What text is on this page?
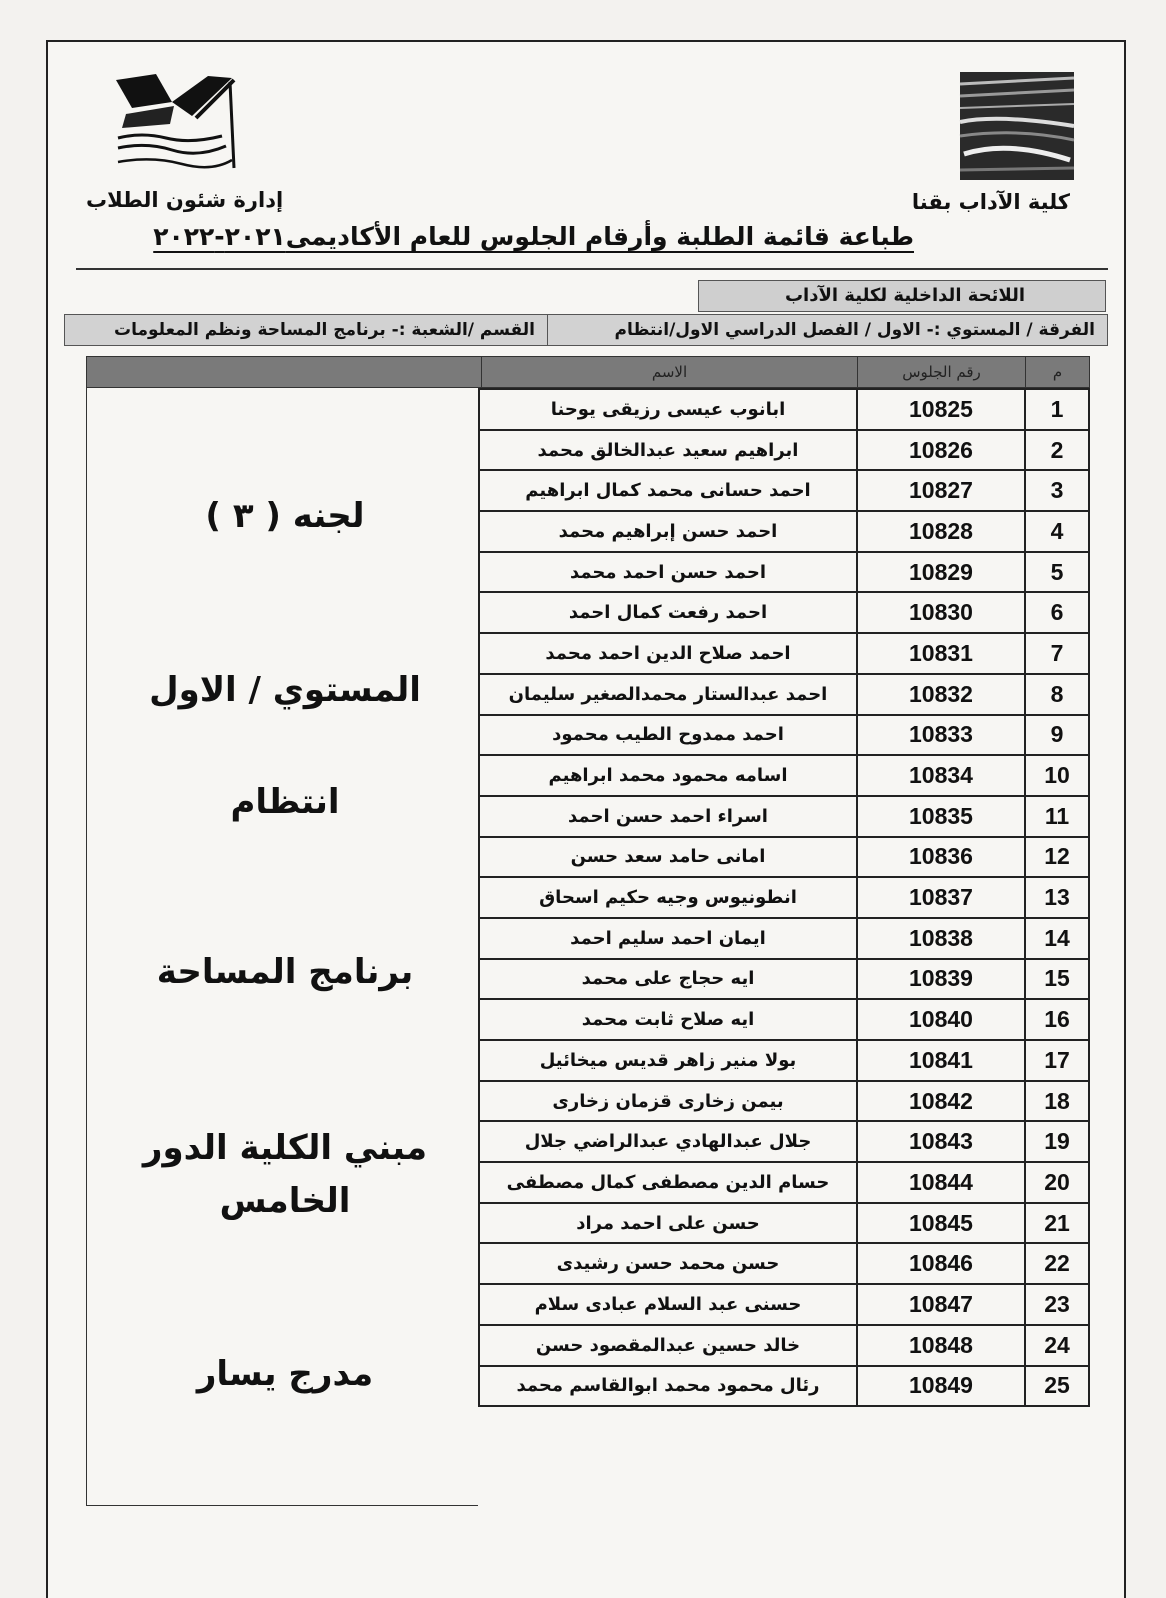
كلية الآداب بقنا
إدارة شئون الطلاب
طباعة قائمة الطلبة وأرقام الجلوس للعام الأكاديمى٢٠٢١-٢٠٢٢
اللائحة الداخلية لكلية الآداب
الفرقة / المستوي :- الاول / الفصل الدراسي الاول/انتظام
القسم /الشعبة :- برنامج المساحة ونظم المعلومات
م
رقم الجلوس
الاسم
1	10825	ابانوب عيسى رزيقى يوحنا
2	10826	ابراهيم سعيد عبدالخالق محمد
3	10827	احمد حسانى محمد كمال ابراهيم
4	10828	احمد حسن إبراهيم محمد
5	10829	احمد حسن احمد محمد
6	10830	احمد رفعت كمال احمد
7	10831	احمد صلاح الدين احمد محمد
8	10832	احمد عبدالستار محمدالصغير سليمان
9	10833	احمد ممدوح الطيب محمود
10	10834	اسامه محمود محمد ابراهيم
11	10835	اسراء احمد حسن احمد
12	10836	امانى حامد سعد حسن
13	10837	انطونيوس وجيه حكيم اسحاق
14	10838	ايمان احمد سليم احمد
15	10839	ايه حجاج على محمد
16	10840	ايه صلاح ثابت محمد
17	10841	بولا منير زاهر قديس ميخائيل
18	10842	بيمن زخارى قزمان زخارى
19	10843	جلال عبدالهادي عبدالراضي جلال
20	10844	حسام الدين مصطفى كمال مصطفى
21	10845	حسن على احمد مراد
22	10846	حسن محمد حسن رشيدى
23	10847	حسنى عبد السلام عبادى سلام
24	10848	خالد حسين عبدالمقصود حسن
25	10849	رئال محمود محمد ابوالقاسم محمد
لجنه ( ٣ )
المستوي / الاول
انتظام
برنامج المساحة
مبني الكلية الدور الخامس
مدرج يسار
